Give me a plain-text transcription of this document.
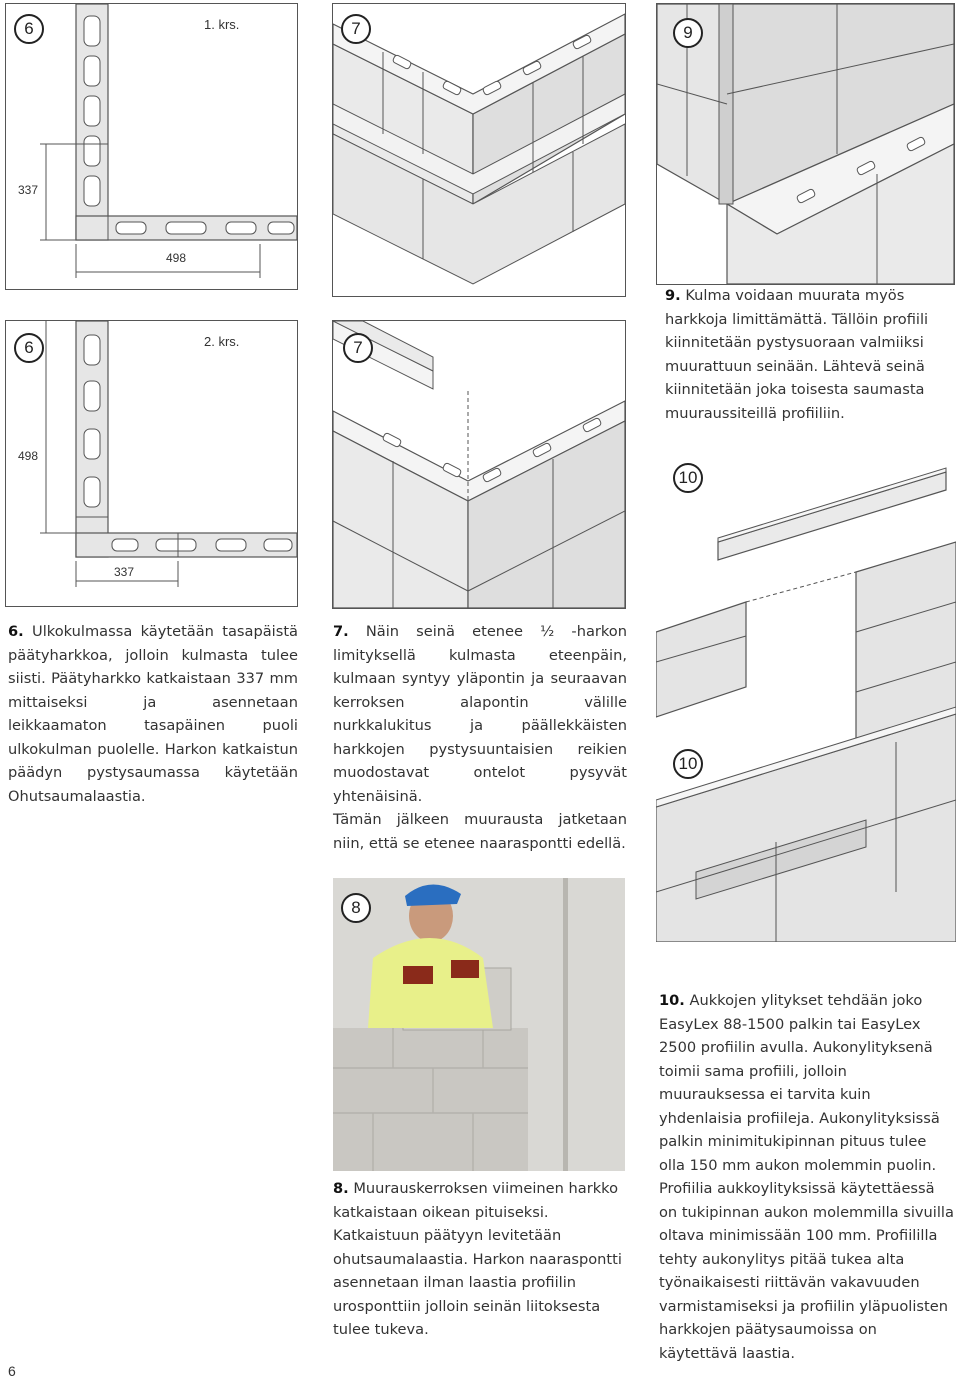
6	1. krs.
337
498
6	2. krs.
498
337
7
7
9
10
10
8

6. Ulkokulmassa käytetään tasapäistä päätyharkkoa, jolloin kulmasta tulee siisti. Päätyharkko katkaistaan 337 mm mittaiseksi ja asennetaan leikkaamaton tasapäinen puoli ulkokulman puolelle. Harkon katkaistun päädyn pystysaumassa käytetään Ohutsaumalaastia.

7. Näin seinä etenee ½ -harkon limityksellä kulmasta eteenpäin, kulmaan syntyy yläpontin ja seuraavan kerroksen alapontin välille nurkkalukitus ja päällekkäisten harkkojen pystysuuntaisien reikien muodostavat ontelot pysyvät yhtenäisinä.
Tämän jälkeen muurausta jatketaan niin, että se etenee naaraspontti edellä.

8. Muurauskerroksen viimeinen harkko katkaistaan oikean pituiseksi. Katkaistuun päätyyn levitetään ohutsaumalaastia. Harkon naaraspontti asennetaan ilman laastia profiilin urosponttiin jolloin seinän liitoksesta tulee tukeva.

9. Kulma voidaan muurata myös harkkoja limittämättä. Tällöin profiili kiinnitetään pystysuoraan valmiiksi muurattuun seinään. Lähtevä seinä kiinnitetään joka toisesta saumasta muuraussiteillä profiiliin.

10. Aukkojen ylitykset tehdään joko EasyLex 88-1500 palkin tai EasyLex 2500 profiilin avulla. Aukonylityksenä toimii sama profiili, jolloin muurauksessa ei tarvita kuin yhdenlaisia profiileja. Aukonylityksissä palkin minimitukipinnan pituus tulee olla 150 mm aukon molemmin puolin. Profiilia aukkoylityksissä käytettäessä on tukipinnan aukon molemmilla sivuilla oltava minimissään 100 mm. Profiililla tehty aukonylitys pitää tukea alta työnaikaisesti riittävän vakavuuden varmistamiseksi ja profiilin yläpuolisten harkkojen päätysaumoissa on käytettävä laastia.

6
